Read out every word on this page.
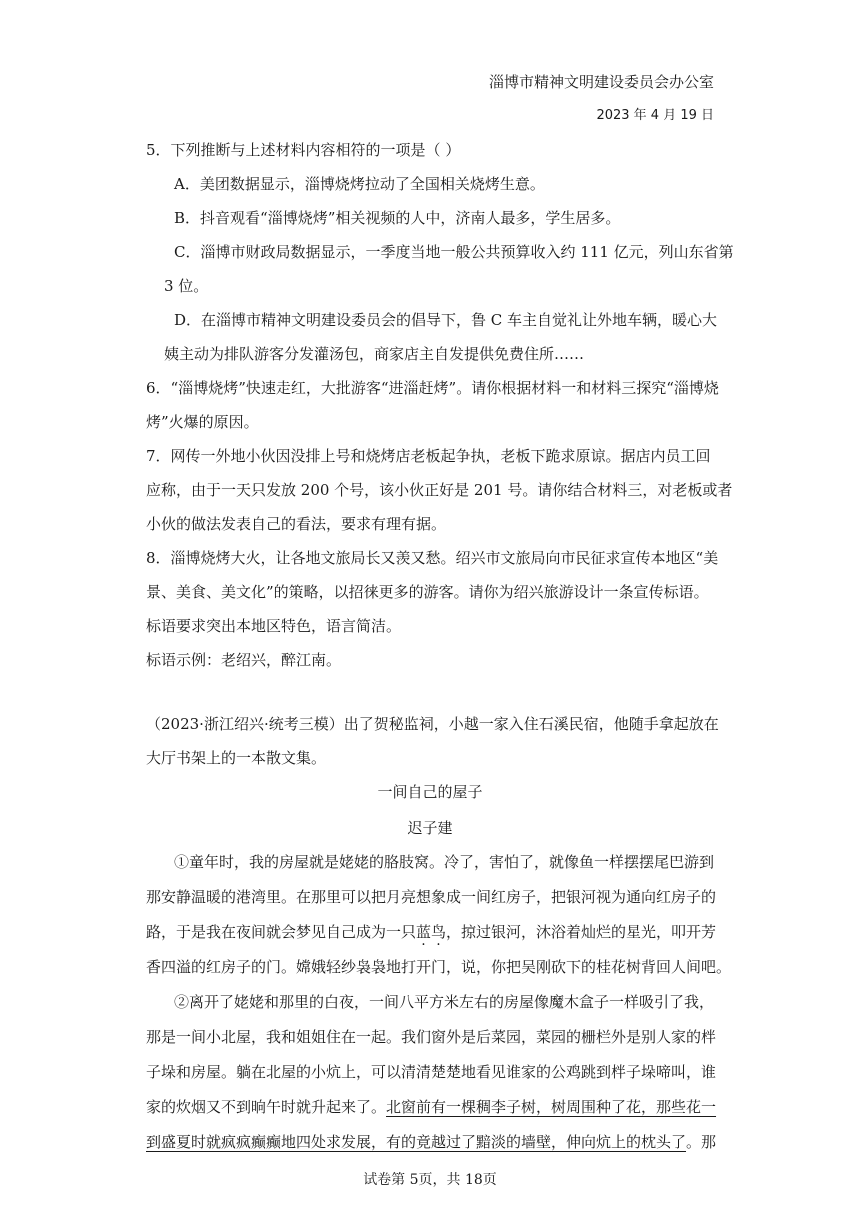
淄博市精神文明建设委员会办公室
2023 年 4 月 19 日
5．下列推断与上述材料内容相符的一项是（ ）
A．美团数据显示，淄博烧烤拉动了全国相关烧烤生意。
B．抖音观看“淄博烧烤”相关视频的人中，济南人最多，学生居多。
C．淄博市财政局数据显示，一季度当地一般公共预算收入约 111 亿元，列山东省第
3 位。
D．在淄博市精神文明建设委员会的倡导下，鲁 C 车主自觉礼让外地车辆，暖心大
姨主动为排队游客分发灌汤包，商家店主自发提供免费住所……
6．“淄博烧烤”快速走红，大批游客“进淄赶烤”。请你根据材料一和材料三探究“淄博烧
烤”火爆的原因。
7．网传一外地小伙因没排上号和烧烤店老板起争执，老板下跪求原谅。据店内员工回
应称，由于一天只发放 200 个号，该小伙正好是 201 号。请你结合材料三，对老板或者
小伙的做法发表自己的看法，要求有理有据。
8．淄博烧烤大火，让各地文旅局长又羡又愁。绍兴市文旅局向市民征求宣传本地区“美
景、美食、美文化”的策略，以招徕更多的游客。请你为绍兴旅游设计一条宣传标语。
标语要求突出本地区特色，语言简洁。
标语示例：老绍兴，醉江南。
（2023·浙江绍兴·统考三模）出了贺秘监祠，小越一家入住石溪民宿，他随手拿起放在
大厅书架上的一本散文集。
一间自己的屋子
迟子建
①童年时，我的房屋就是姥姥的胳肢窝。冷了，害怕了，就像鱼一样摆摆尾巴游到
那安静温暖的港湾里。在那里可以把月亮想象成一间红房子，把银河视为通向红房子的
路，于是我在夜间就会梦见自己成为一只蓝鸟，掠过银河，沐浴着灿烂的星光，叩开芳
香四溢的红房子的门。嫦娥轻纱袅袅地打开门，说，你把吴刚砍下的桂花树背回人间吧。
②离开了姥姥和那里的白夜，一间八平方米左右的房屋像魔木盒子一样吸引了我，
那是一间小北屋，我和姐姐住在一起。我们窗外是后菜园，菜园的栅栏外是别人家的柈
子垛和房屋。躺在北屋的小炕上，可以清清楚楚地看见谁家的公鸡跳到柈子垛啼叫，谁
家的炊烟又不到晌午时就升起来了。北窗前有一棵稠李子树，树周围种了花，那些花一
到盛夏时就疯疯癫癫地四处求发展，有的竟越过了黯淡的墙壁，伸向炕上的枕头了。那
试卷第 5页，共 18页
